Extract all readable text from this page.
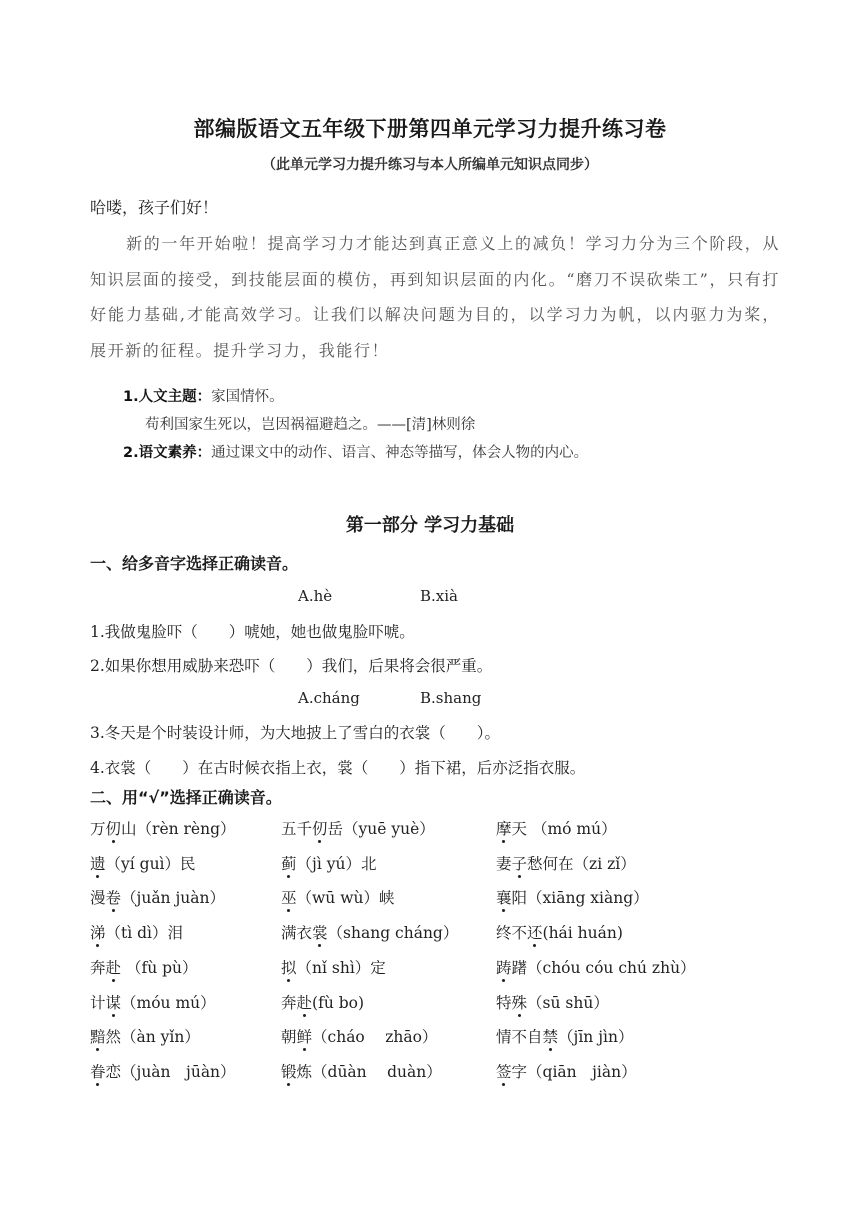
部编版语文五年级下册第四单元学习力提升练习卷
（此单元学习力提升练习与本人所编单元知识点同步）
哈喽，孩子们好！
新的一年开始啦！提高学习力才能达到真正意义上的减负！学习力分为三个阶段，从知识层面的接受，到技能层面的模仿，再到知识层面的内化。“磨刀不误砍柴工”，只有打好能力基础,才能高效学习。让我们以解决问题为目的，以学习力为帆，以内驱力为桨，展开新的征程。提升学习力，我能行！
1.人文主题：家国情怀。
苟利国家生死以，岂因祸福避趋之。——[清]林则徐
2.语文素养：通过课文中的动作、语言、神态等描写，体会人物的内心。
第一部分 学习力基础
一、给多音字选择正确读音。
A.hè	B.xià
1.我做鬼脸吓（　　）唬她，她也做鬼脸吓唬。
2.如果你想用威胁来恐吓（　　）我们，后果将会很严重。
A.cháng	B.shang
3.冬天是个时装设计师，为大地披上了雪白的衣裳（　　）。
4.衣裳（　　）在古时候衣指上衣，裳（　　）指下裙，后亦泛指衣服。
二、用“√”选择正确读音。
万仞山（rèn rèng）	五千仞岳（yuē yuè）	摩天 （mó mú）
遗（yí guì）民	蓟（jì yú）北	妻子愁何在（zi zǐ）
漫卷（juǎn juàn）	巫（wū wù）峡	襄阳（xiāng xiàng）
涕（tì dì）泪	满衣裳（shang cháng） 终不还(hái huán)
奔赴 （fù pù）	拟（nǐ shì）定	踌躇（chóu cóu chú zhù）
计谋（móu mú）	奔赴(fù bo)	特殊（sū shū）
黯然（àn yǐn）	朝鲜（cháo　 zhāo）	情不自禁（jīn jìn）
眷恋（juàn　jūàn）	锻炼（dūàn　 duàn）	签字（qiān　jiàn）
